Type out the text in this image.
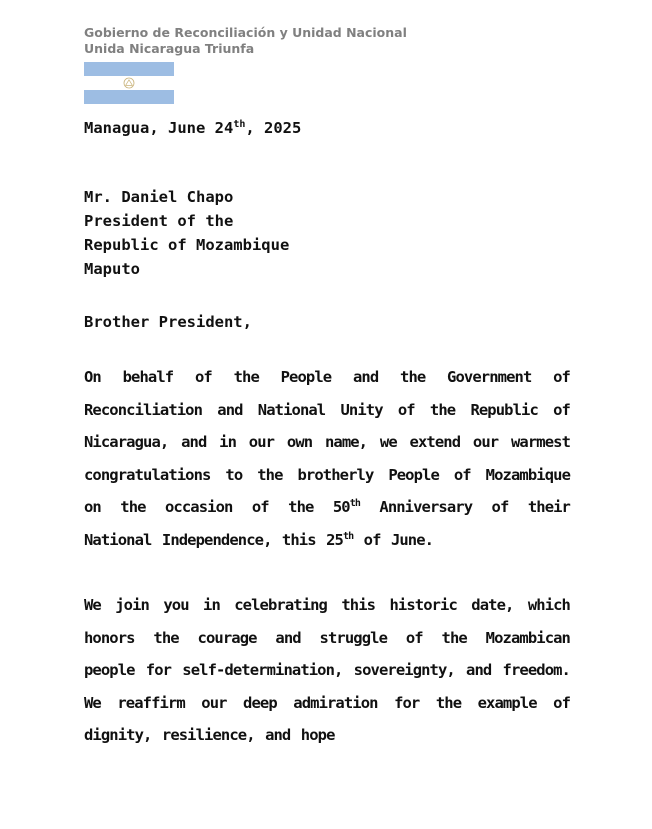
Gobierno de Reconciliación y Unidad Nacional
Unida Nicaragua Triunfa
Managua, June 24th, 2025
Mr. Daniel Chapo
President of the
Republic of Mozambique
Maputo
Brother President,
On behalf of the People and the Government of Reconciliation and National Unity of the Republic of Nicaragua, and in our own name, we extend our warmest congratulations to the brotherly People of Mozambique on the occasion of the 50th Anniversary of their National Independence, this 25th of June.
We join you in celebrating this historic date, which honors the courage and struggle of the Mozambican people for self-determination, sovereignty, and freedom. We reaffirm our deep admiration for the example of dignity, resilience, and hope
